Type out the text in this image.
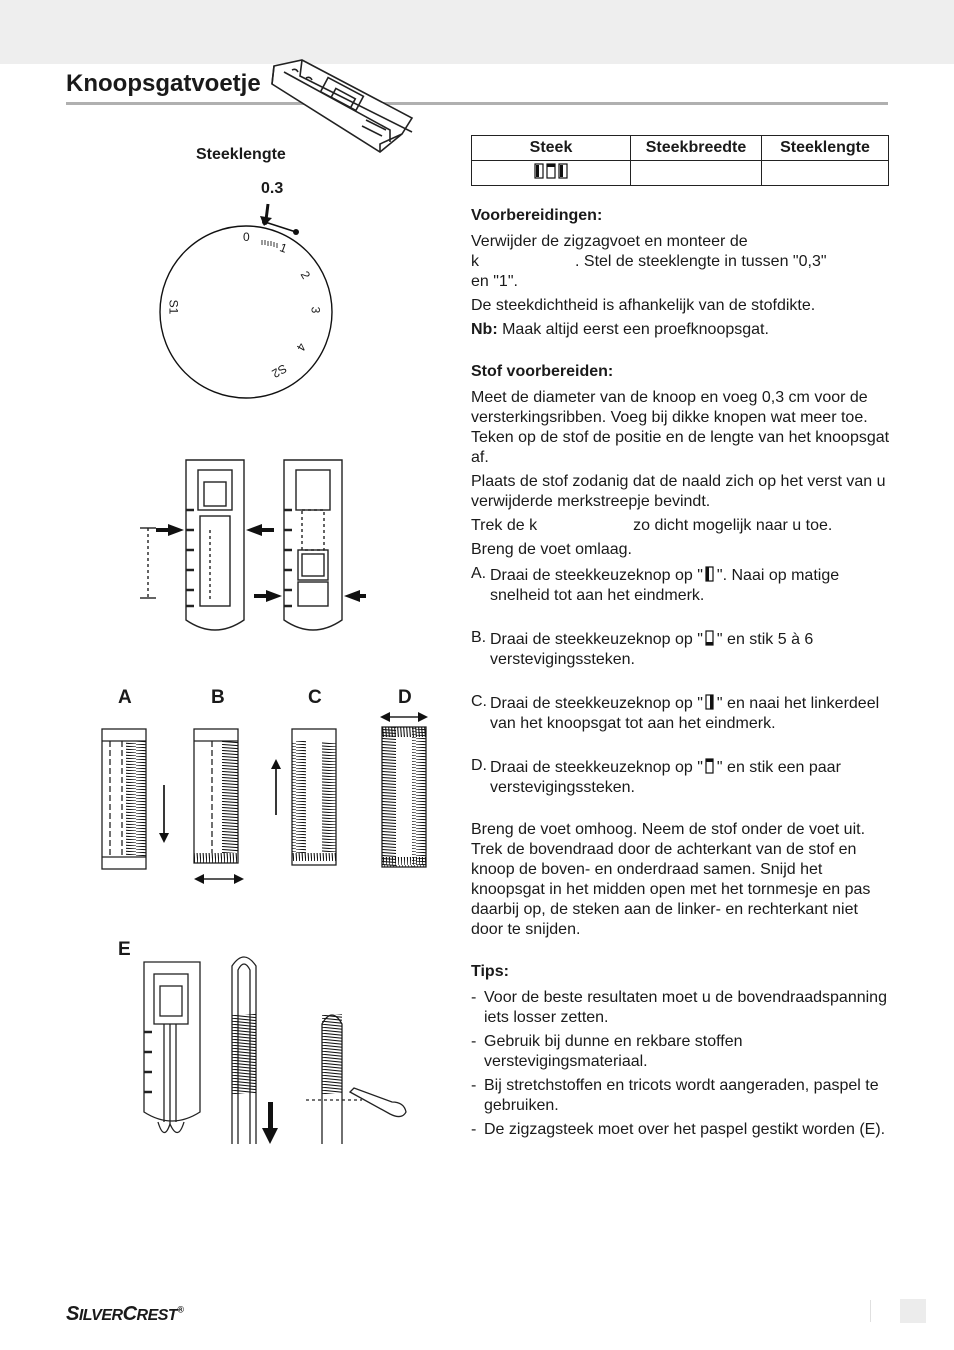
Knoopsgatvoetje
Steeklengte
0.3
0
1
2
3
4
S1
S2
A	B	C	D
E
Steek	Steekbreedte	Steeklengte

Voorbereidingen:

Verwijder de zigzagvoet en monteer de
k	. Stel de steeklengte in tussen "0,3"
en "1".

De steekdichtheid is afhankelijk van de stofdikte.

Nb: Maak altijd eerst een proefknoopsgat.

Stof voorbereiden:

Meet de diameter van de knoop en voeg 0,3 cm voor de versterkingsribben. Voeg bij dikke knopen wat meer toe. Teken op de stof de positie en de lengte van het knoopsgat af.

Plaats de stof zodanig dat de naald zich op het verst van u verwijderde merkstreepje bevindt.

Trek de k	zo dicht mogelijk naar u toe.

Breng de voet omlaag.

A. Draai de steekkeuzeknop op " ". Naai op matige snelheid tot aan het eindmerk.
B. Draai de steekkeuzeknop op " " en stik 5 à 6 verstevigingssteken.
C. Draai de steekkeuzeknop op " " en naai het linkerdeel van het knoopsgat tot aan het eindmerk.
D. Draai de steekkeuzeknop op " " en stik een paar verstevigingssteken.

Breng de voet omhoog. Neem de stof onder de voet uit. Trek de bovendraad door de achterkant van de stof en knoop de boven- en onderdraad samen. Snijd het knoopsgat in het midden open met het tornmesje en pas daarbij op, de steken aan de linker- en rechterkant niet door te snijden.

Tips:
- Voor de beste resultaten moet u de bovendraadspanning iets losser zetten.
- Gebruik bij dunne en rekbare stoffen verstevigingsmateriaal.
- Bij stretchstoffen en tricots wordt aangeraden, paspel te gebruiken.
- De zigzagsteek moet over het paspel gestikt worden (E).
SILVERCREST®
